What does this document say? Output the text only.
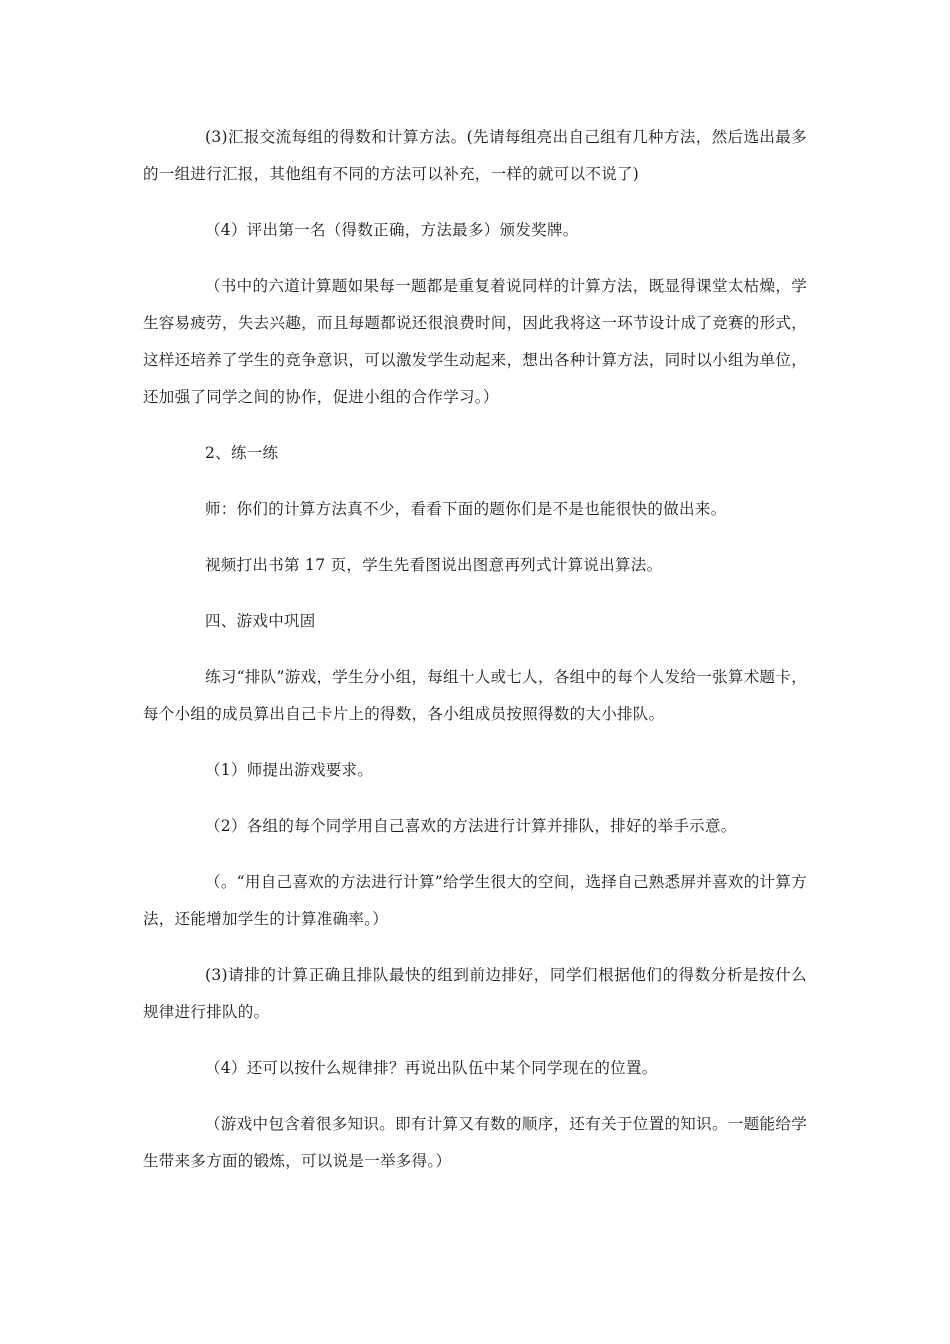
(3)汇报交流每组的得数和计算方法。(先请每组亮出自己组有几种方法，然后选出最多的一组进行汇报，其他组有不同的方法可以补充，一样的就可以不说了)

（4）评出第一名（得数正确，方法最多）颁发奖牌。

（书中的六道计算题如果每一题都是重复着说同样的计算方法，既显得课堂太枯燥，学生容易疲劳，失去兴趣，而且每题都说还很浪费时间，因此我将这一环节设计成了竞赛的形式，这样还培养了学生的竞争意识，可以激发学生动起来，想出各种计算方法，同时以小组为单位，还加强了同学之间的协作，促进小组的合作学习。）

2、练一练

师：你们的计算方法真不少，看看下面的题你们是不是也能很快的做出来。

视频打出书第 17 页，学生先看图说出图意再列式计算说出算法。

四、游戏中巩固

练习“排队”游戏，学生分小组，每组十人或七人，各组中的每个人发给一张算术题卡，每个小组的成员算出自己卡片上的得数，各小组成员按照得数的大小排队。

（1）师提出游戏要求。

（2）各组的每个同学用自己喜欢的方法进行计算并排队，排好的举手示意。

（。“用自己喜欢的方法进行计算”给学生很大的空间，选择自己熟悉屏并喜欢的计算方法，还能增加学生的计算准确率。）

(3)请排的计算正确且排队最快的组到前边排好，同学们根据他们的得数分析是按什么规律进行排队的。

（4）还可以按什么规律排？再说出队伍中某个同学现在的位置。

（游戏中包含着很多知识。即有计算又有数的顺序，还有关于位置的知识。一题能给学生带来多方面的锻炼，可以说是一举多得。）
